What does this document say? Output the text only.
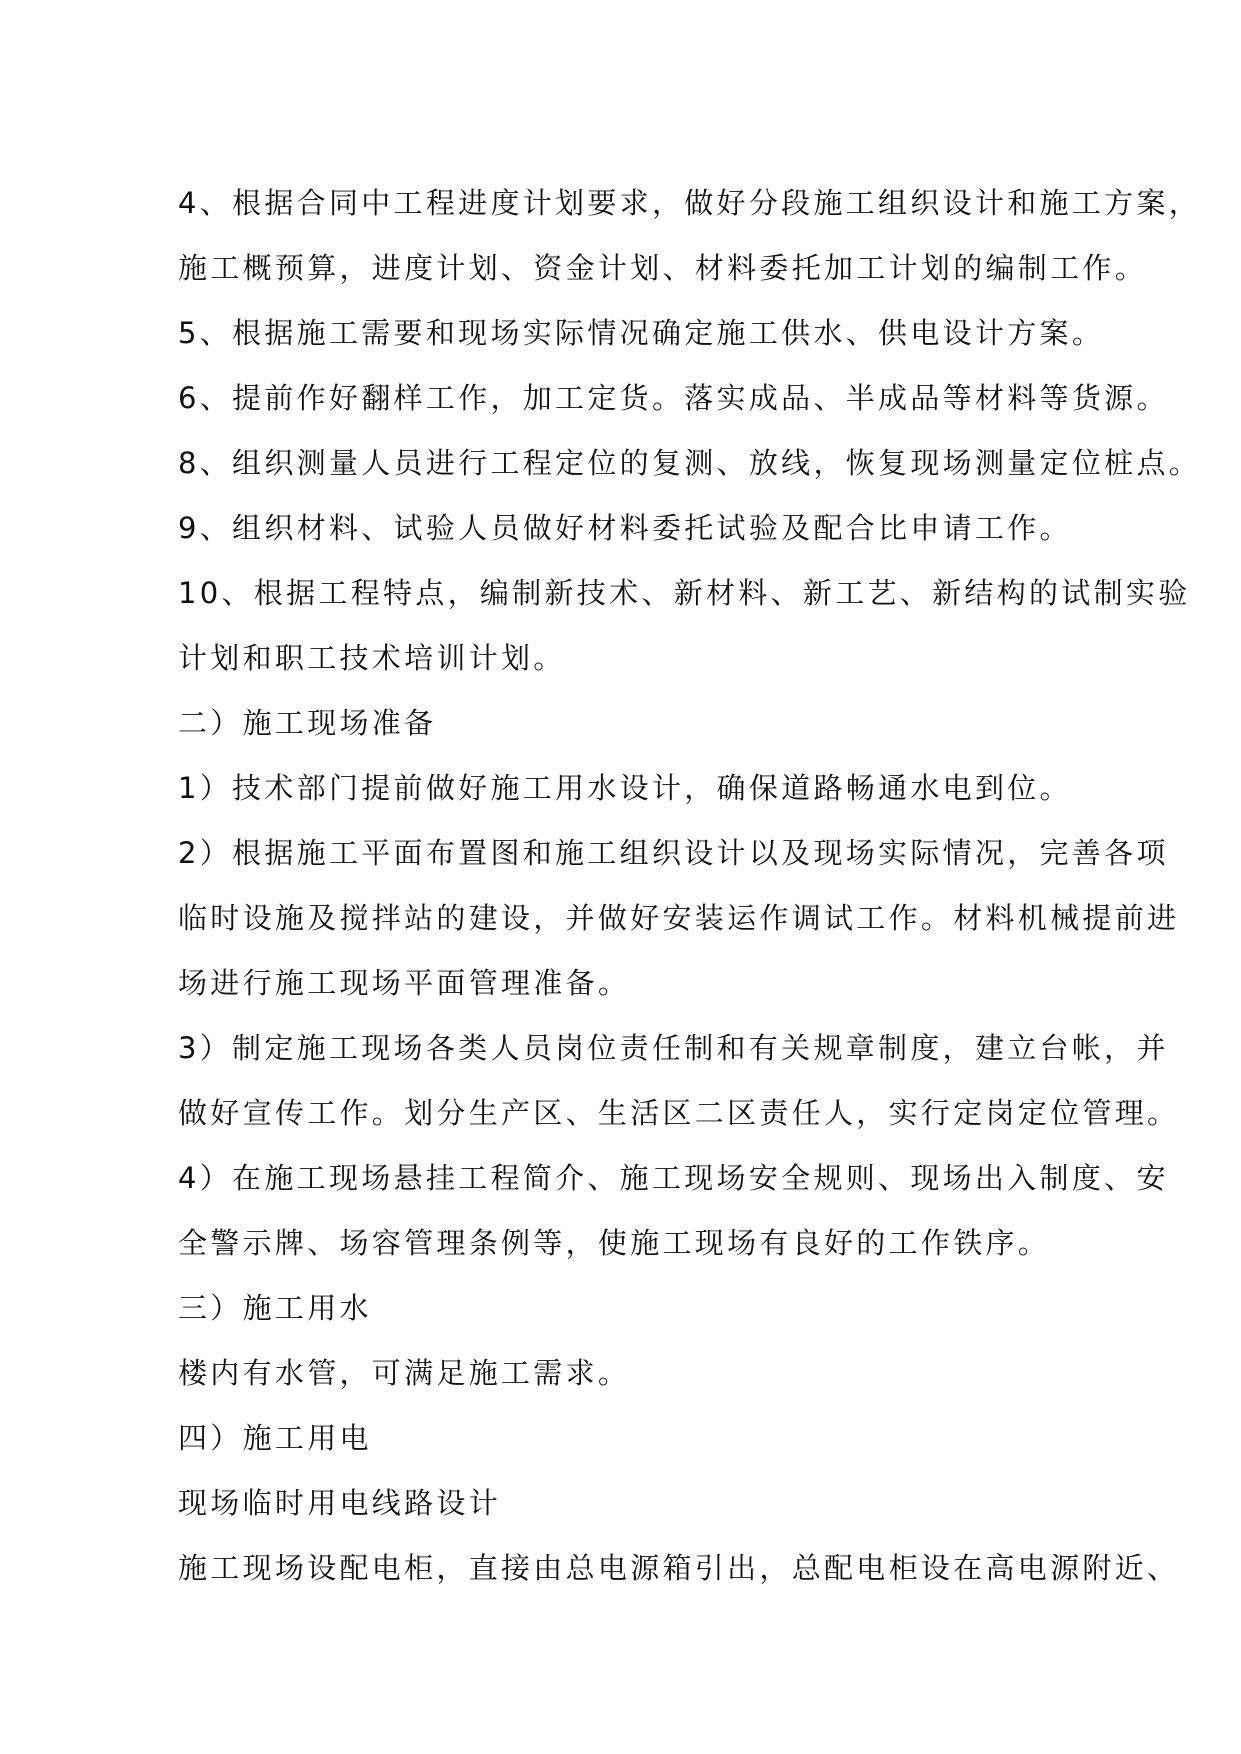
4、根据合同中工程进度计划要求，做好分段施工组织设计和施工方案，
施工概预算，进度计划、资金计划、材料委托加工计划的编制工作。
5、根据施工需要和现场实际情况确定施工供水、供电设计方案。
6、提前作好翻样工作，加工定货。落实成品、半成品等材料等货源。
8、组织测量人员进行工程定位的复测、放线，恢复现场测量定位桩点。
9、组织材料、试验人员做好材料委托试验及配合比申请工作。
10、根据工程特点，编制新技术、新材料、新工艺、新结构的试制实验
计划和职工技术培训计划。
二）施工现场准备
1）技术部门提前做好施工用水设计，确保道路畅通水电到位。
2）根据施工平面布置图和施工组织设计以及现场实际情况，完善各项
临时设施及搅拌站的建设，并做好安装运作调试工作。材料机械提前进
场进行施工现场平面管理准备。
3）制定施工现场各类人员岗位责任制和有关规章制度，建立台帐，并
做好宣传工作。划分生产区、生活区二区责任人，实行定岗定位管理。
4）在施工现场悬挂工程简介、施工现场安全规则、现场出入制度、安
全警示牌、场容管理条例等，使施工现场有良好的工作铁序。
三）施工用水
楼内有水管，可满足施工需求。
四）施工用电
现场临时用电线路设计
施工现场设配电柜，直接由总电源箱引出，总配电柜设在高电源附近、
